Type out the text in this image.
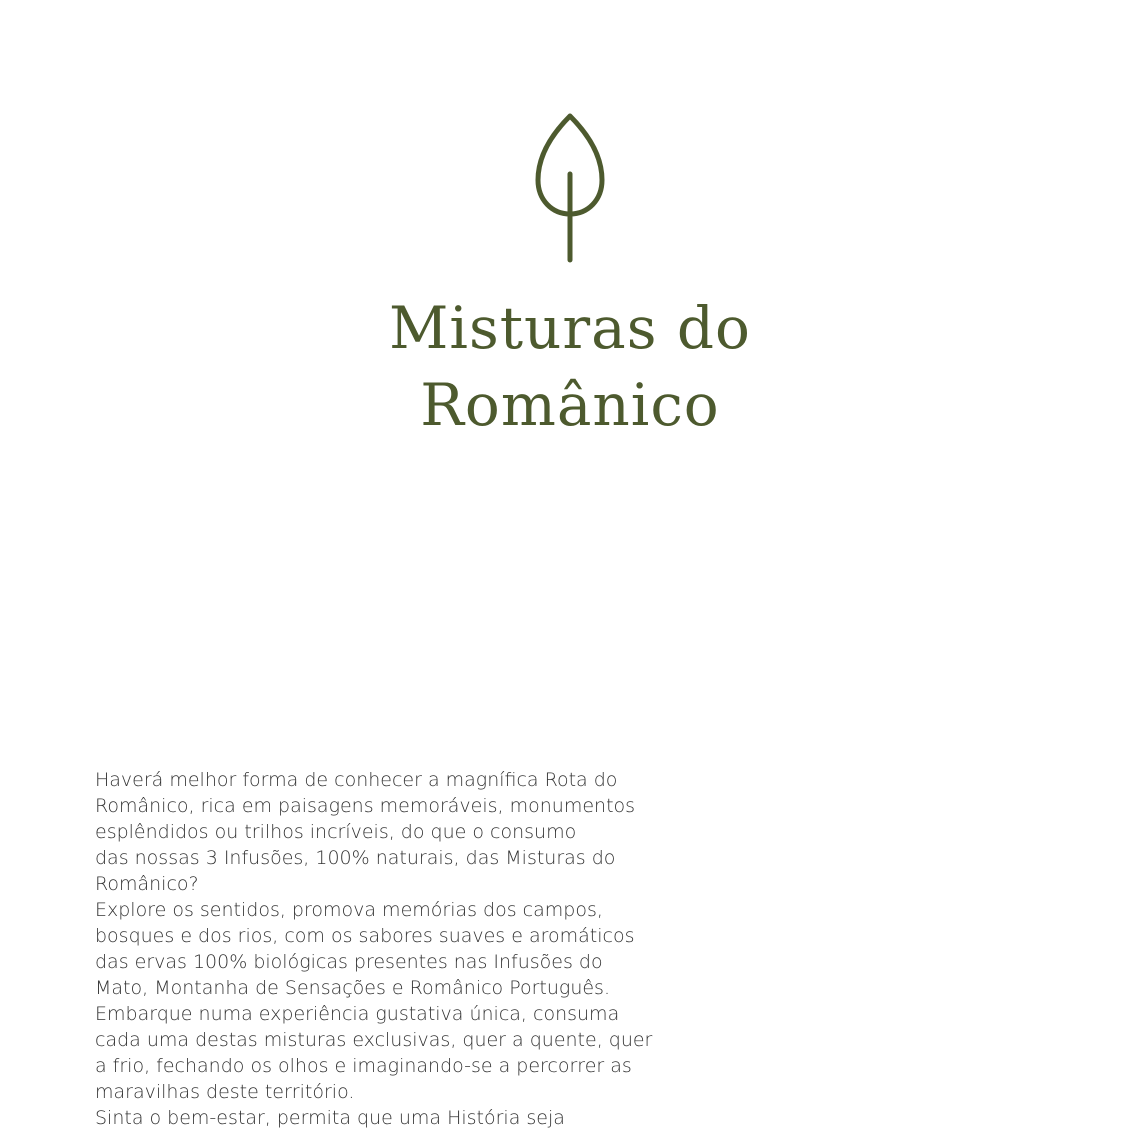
Misturas do
Românico

Haverá melhor forma de conhecer a magnífica Rota do
Românico, rica em paisagens memoráveis, monumentos
esplêndidos ou trilhos incríveis, do que o consumo
das nossas 3 Infusões, 100% naturais, das Misturas do
Românico?

Explore os sentidos, promova memórias dos campos,
bosques e dos rios, com os sabores suaves e aromáticos
das ervas 100% biológicas presentes nas Infusões do
Mato, Montanha de Sensações e Românico Português.

Embarque numa experiência gustativa única, consuma
cada uma destas misturas exclusivas, quer a quente, quer
a frio, fechando os olhos e imaginando-se a percorrer as
maravilhas deste território.

Sinta o bem-estar, permita que uma História seja
